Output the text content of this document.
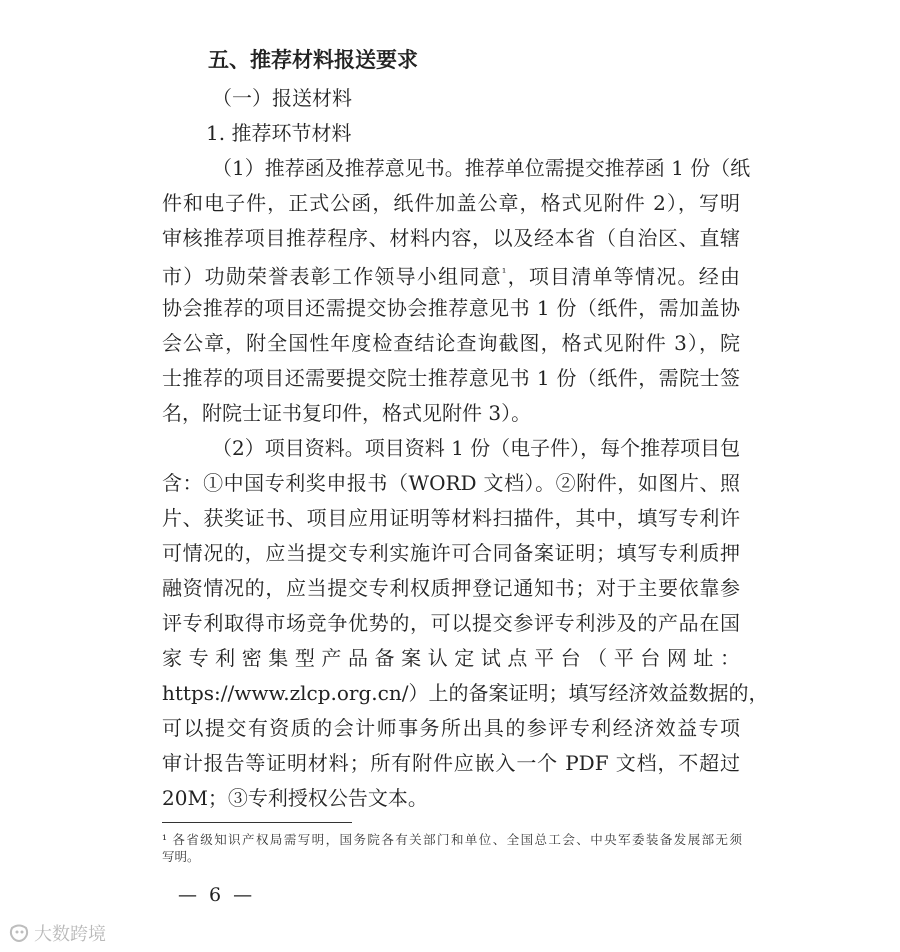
五、推荐材料报送要求
（一）报送材料
1. 推荐环节材料
（1）推荐函及推荐意见书。推荐单位需提交推荐函 1 份（纸
件和电子件，正式公函，纸件加盖公章，格式见附件 2），写明
审核推荐项目推荐程序、材料内容，以及经本省（自治区、直辖
市）功勋荣誉表彰工作领导小组同意$^{^1}$，项目清单等情况。经由
协会推荐的项目还需提交协会推荐意见书 1 份（纸件，需加盖协
会公章，附全国性年度检查结论查询截图，格式见附件 3），院
士推荐的项目还需要提交院士推荐意见书 1 份（纸件，需院士签
名，附院士证书复印件，格式见附件 3）。
（2）项目资料。项目资料 1 份（电子件），每个推荐项目包
含：①中国专利奖申报书（WORD 文档）。②附件，如图片、照
片、获奖证书、项目应用证明等材料扫描件，其中，填写专利许
可情况的，应当提交专利实施许可合同备案证明；填写专利质押
融资情况的，应当提交专利权质押登记通知书；对于主要依靠参
评专利取得市场竞争优势的，可以提交参评专利涉及的产品在国
家专利密集型产品备案认定试点平台（平台网址：
https://www.zlcp.org.cn/）上的备案证明；填写经济效益数据的，
可以提交有资质的会计师事务所出具的参评专利经济效益专项
审计报告等证明材料；所有附件应嵌入一个 PDF 文档，不超过
20M；③专利授权公告文本。
¹ 各省级知识产权局需写明，国务院各有关部门和单位、全国总工会、中央军委装备发展部无须
写明。
— 6 —
大数跨境
